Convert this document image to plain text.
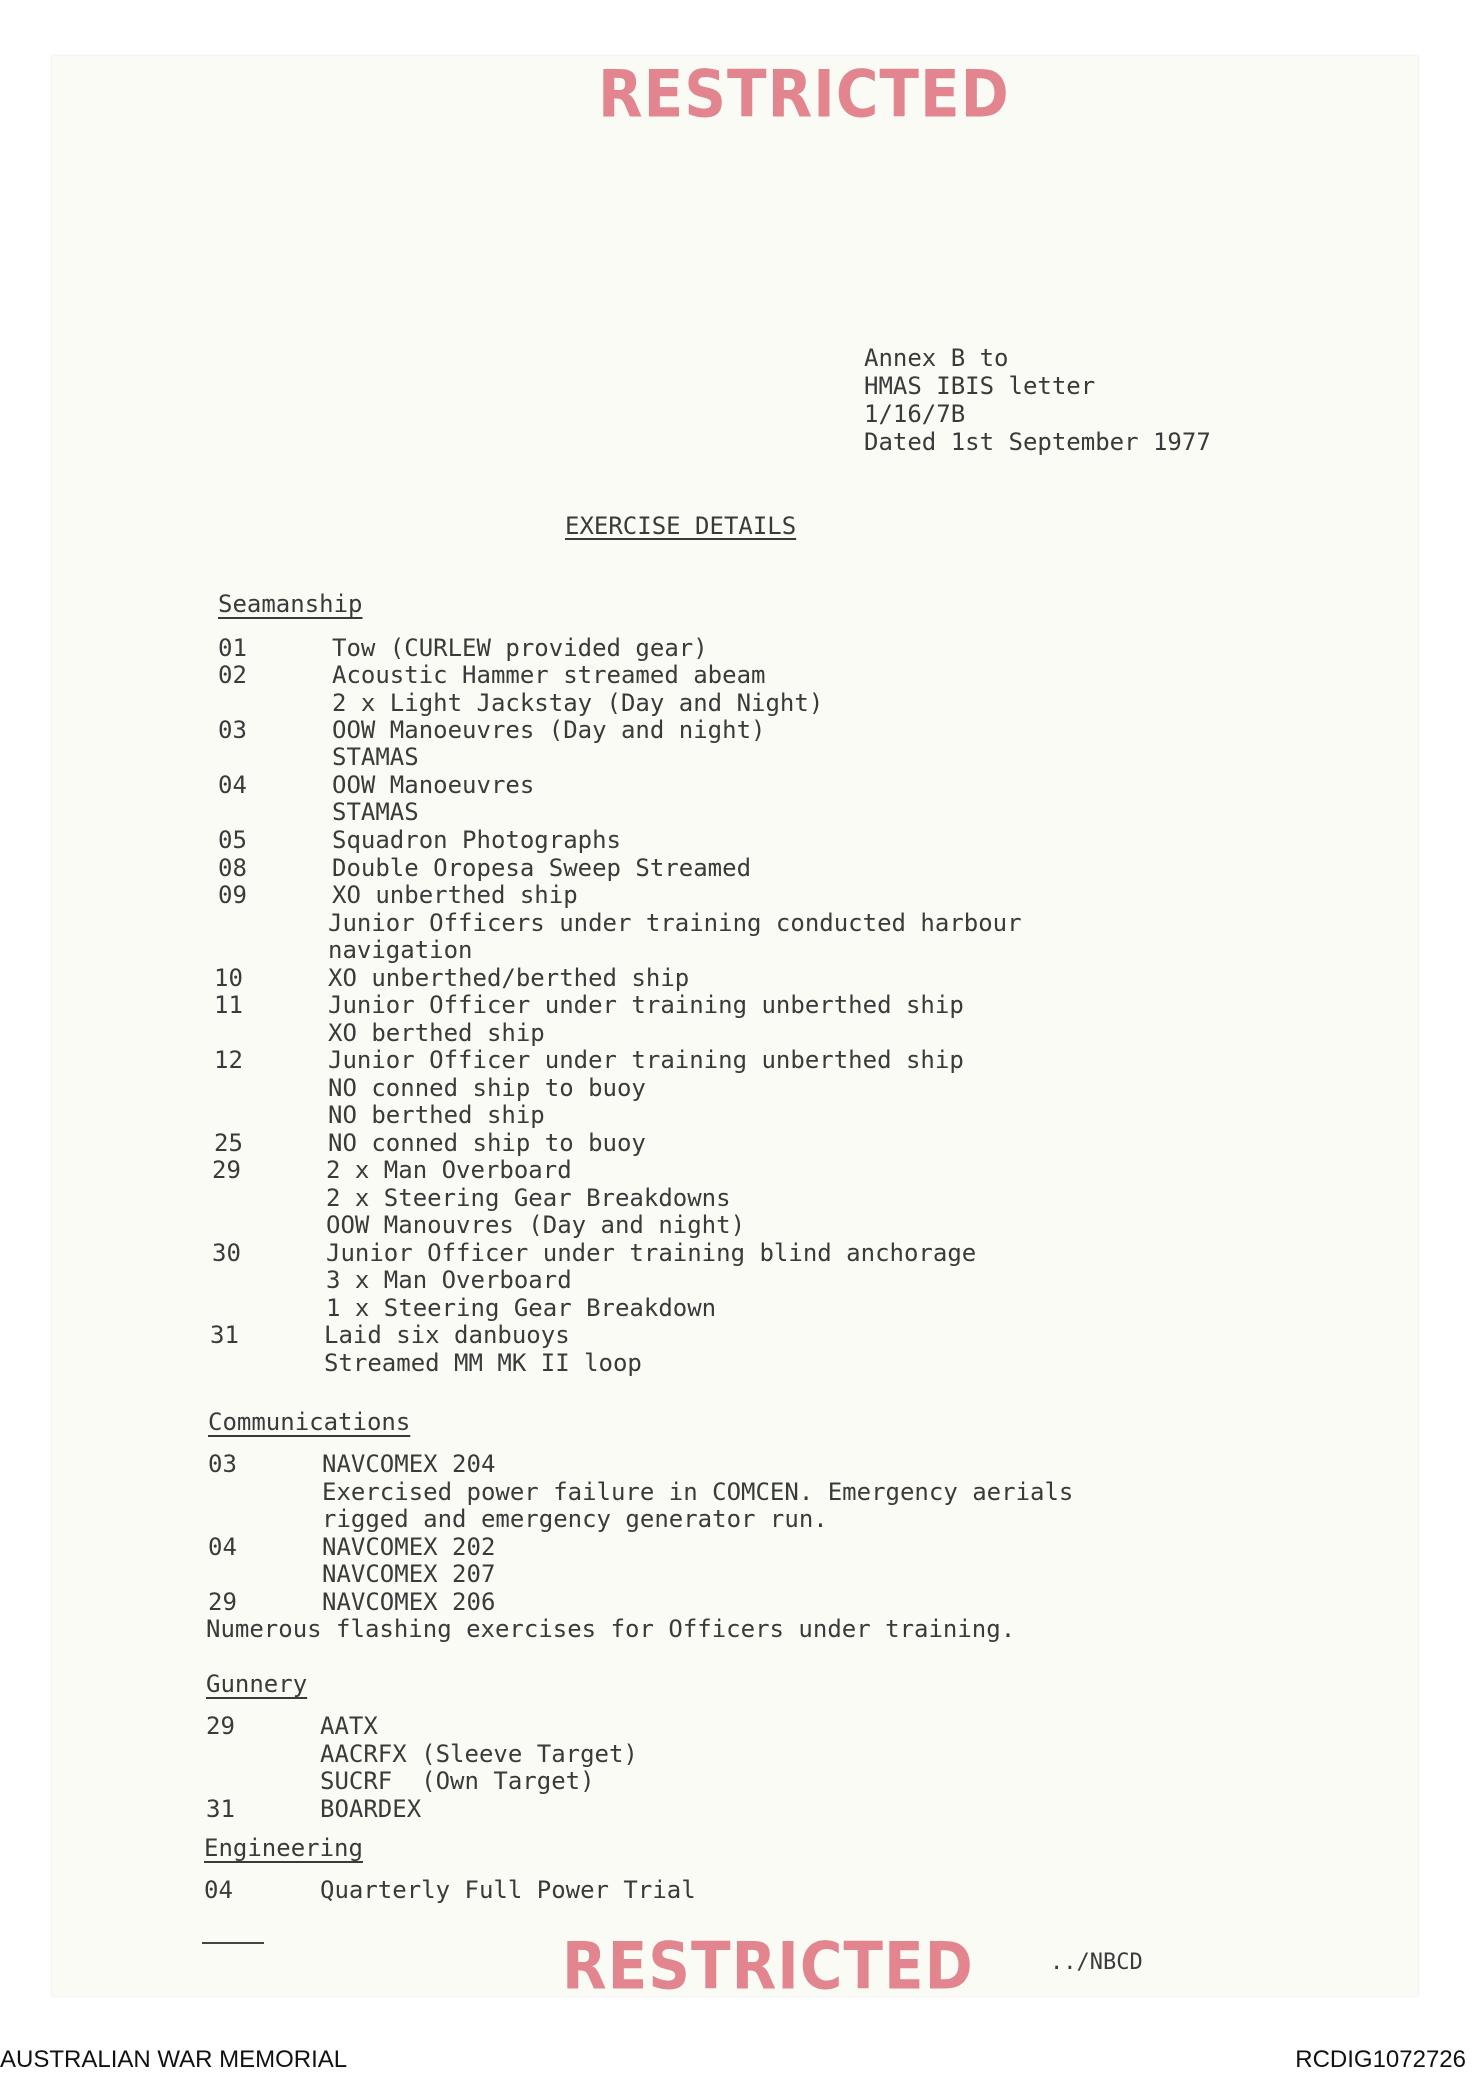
RESTRICTED
Annex B to
HMAS IBIS letter
1/16/7B
Dated 1st September 1977
EXERCISE DETAILS
Seamanship
01	Tow (CURLEW provided gear)
02	Acoustic Hammer streamed abeam
2 x Light Jackstay (Day and Night)
03	OOW Manoeuvres (Day and night)
STAMAS
04	OOW Manoeuvres
STAMAS
05	Squadron Photographs
08	Double Oropesa Sweep Streamed
09	XO unberthed ship
Junior Officers under training conducted harbour
navigation
10	XO unberthed/berthed ship
11	Junior Officer under training unberthed ship
XO berthed ship
12	Junior Officer under training unberthed ship
NO conned ship to buoy
NO berthed ship
25	NO conned ship to buoy
29	2 x Man Overboard
2 x Steering Gear Breakdowns
OOW Manouvres (Day and night)
30	Junior Officer under training blind anchorage
3 x Man Overboard
1 x Steering Gear Breakdown
31	Laid six danbuoys
Streamed MM MK II loop
Communications
03	NAVCOMEX 204
Exercised power failure in COMCEN. Emergency aerials
rigged and emergency generator run.
04	NAVCOMEX 202
NAVCOMEX 207
29	NAVCOMEX 206
Numerous flashing exercises for Officers under training.
Gunnery
29	AATX
AACRFX (Sleeve Target)
SUCRF  (Own Target)
31	BOARDEX
Engineering
04	Quarterly Full Power Trial
RESTRICTED	../NBCD
AUSTRALIAN WAR MEMORIAL	RCDIG1072726
